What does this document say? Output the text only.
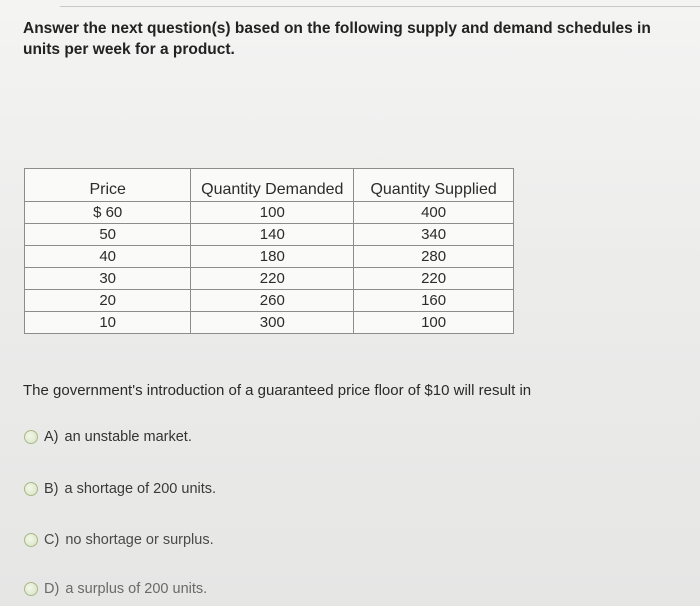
Answer the next question(s) based on the following supply and demand schedules in units per week for a product.

Price	Quantity Demanded	Quantity Supplied
$ 60	100	400
50	140	340
40	180	280
30	220	220
20	260	160
10	300	100

The government's introduction of a guaranteed price floor of $10 will result in

A) an unstable market.
B) a shortage of 200 units.
C) no shortage or surplus.
D) a surplus of 200 units.
